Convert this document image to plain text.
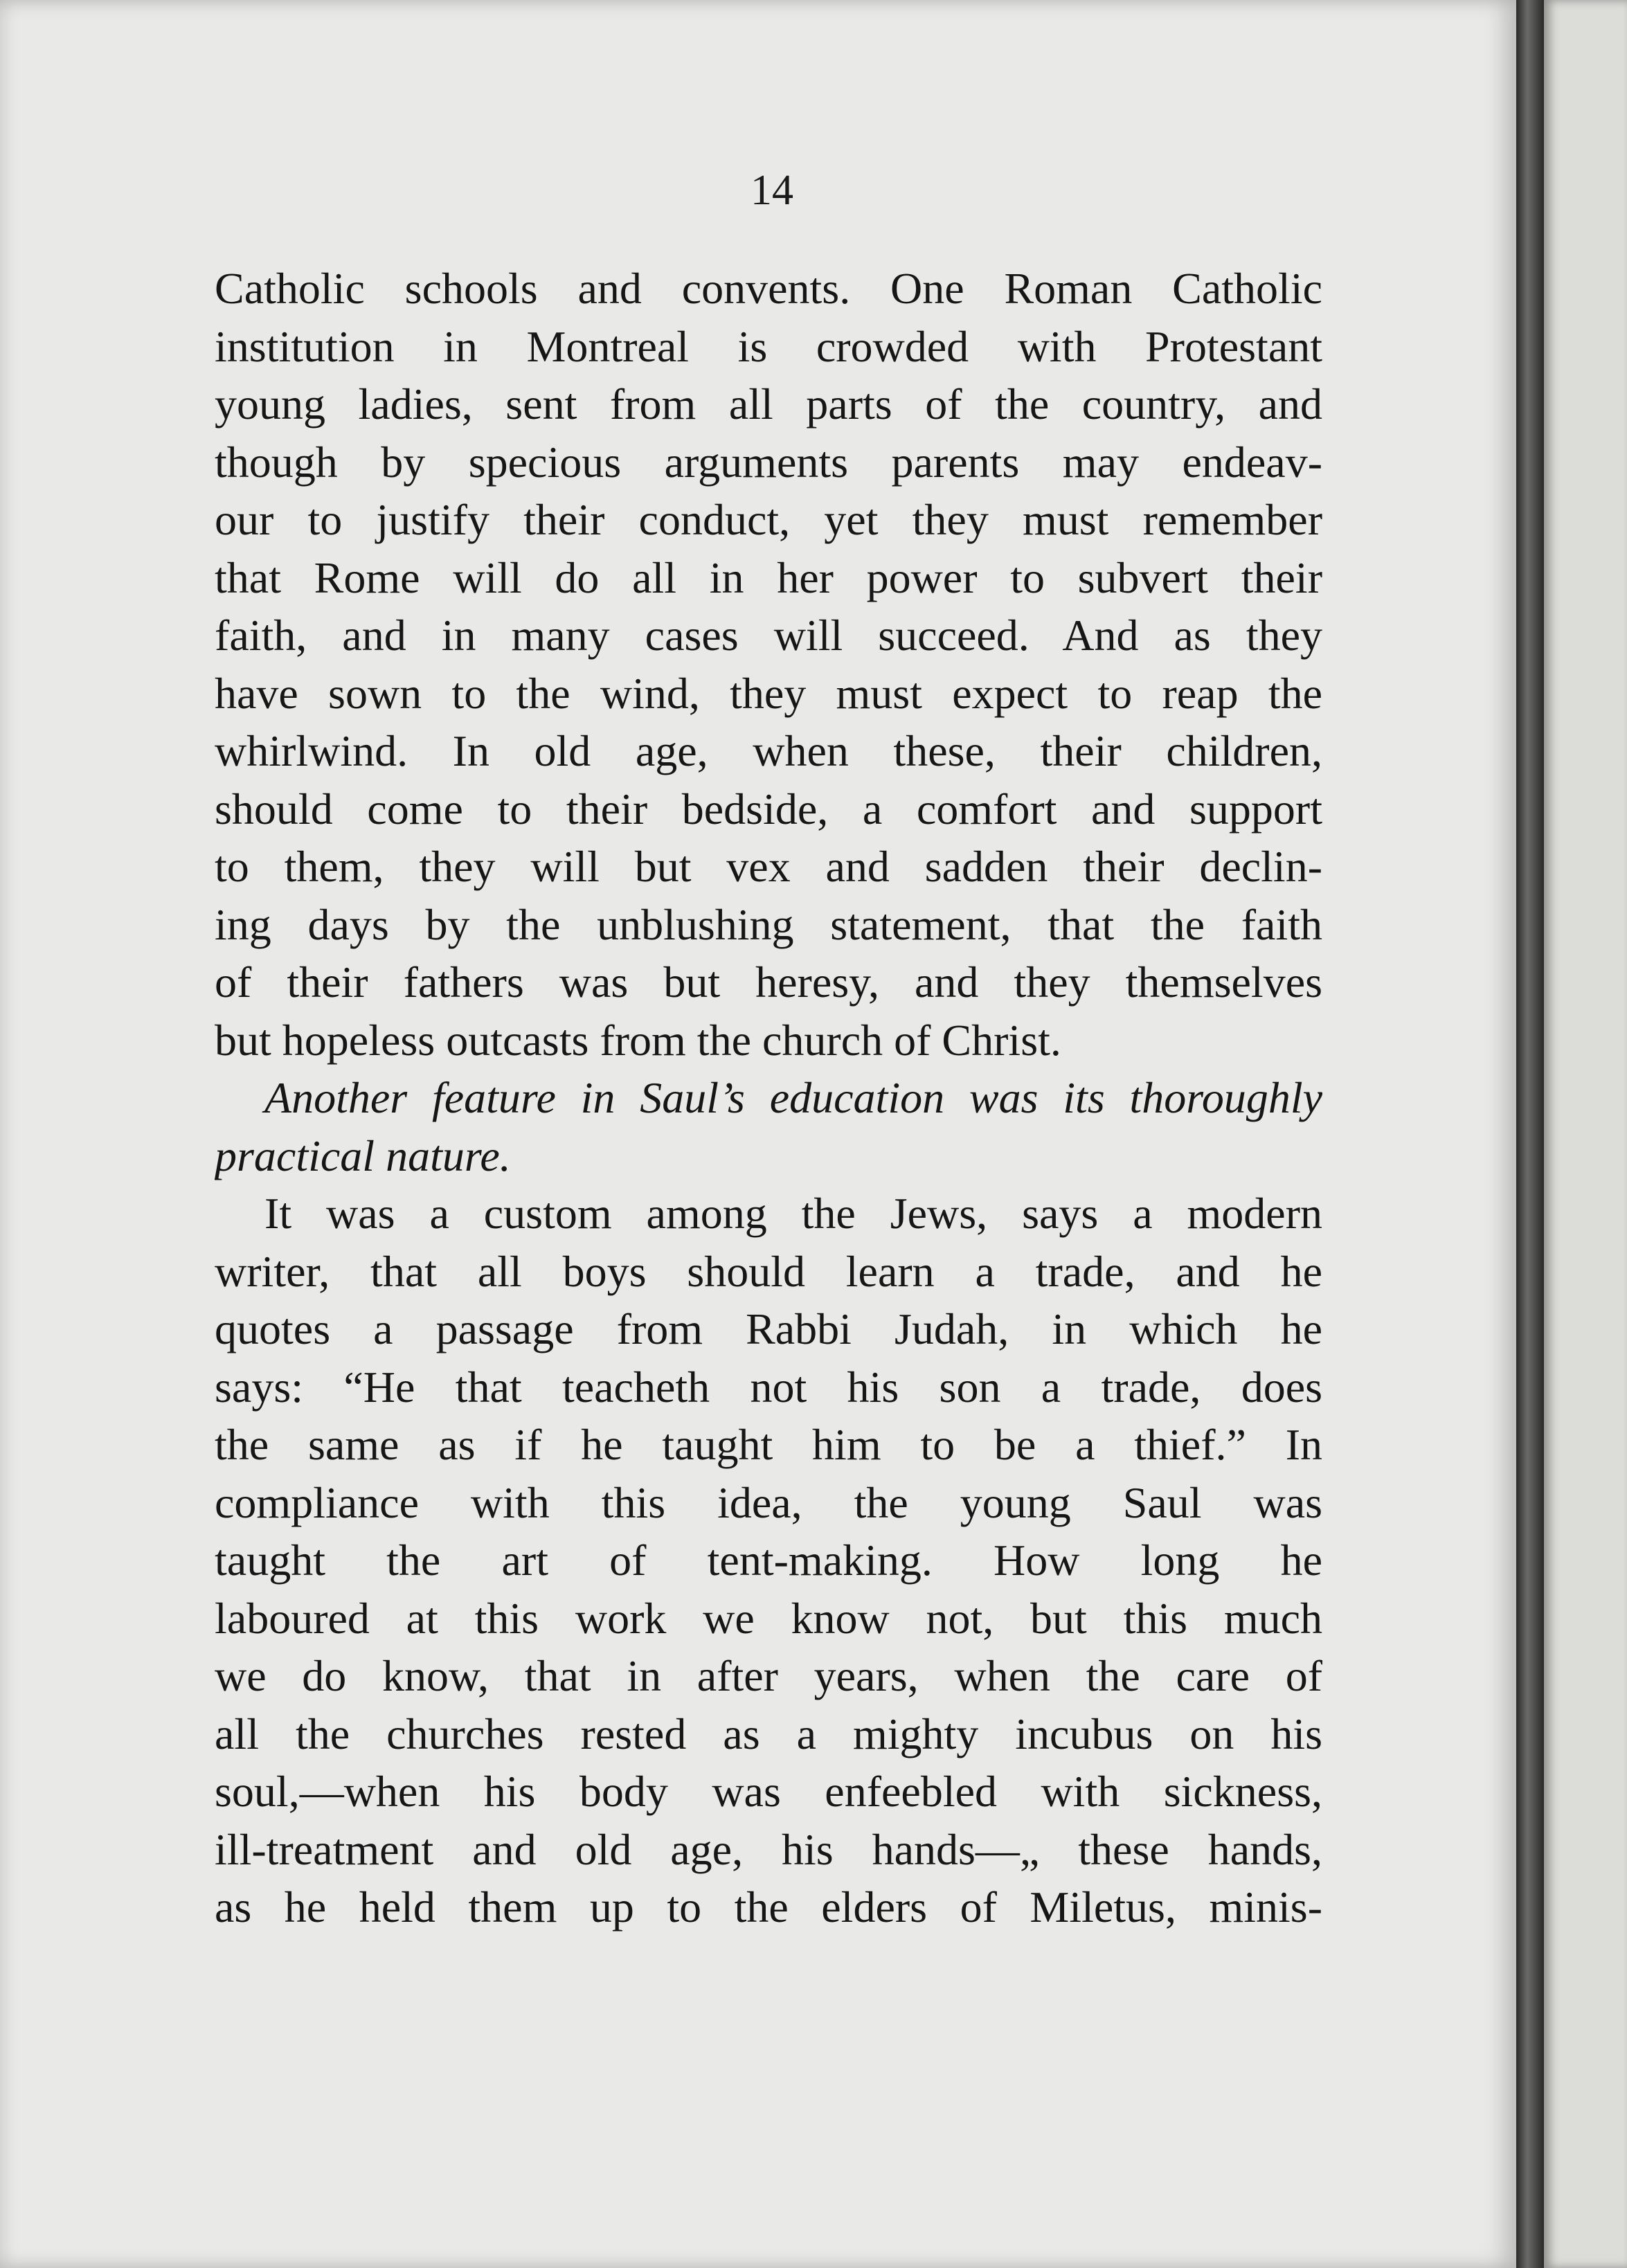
14
Catholic schools and convents. One Roman Catholic
institution in Montreal is crowded with Protestant
young ladies, sent from all parts of the country, and
though by specious arguments parents may endeav-
our to justify their conduct, yet they must remember
that Rome will do all in her power to subvert their
faith, and in many cases will succeed. And as they
have sown to the wind, they must expect to reap the
whirlwind. In old age, when these, their children,
should come to their bedside, a comfort and support
to them, they will but vex and sadden their declin-
ing days by the unblushing statement, that the faith
of their fathers was but heresy, and they themselves
but hopeless outcasts from the church of Christ.
Another feature in Saul’s education was its thoroughly
practical nature.
It was a custom among the Jews, says a modern
writer, that all boys should learn a trade, and he
quotes a passage from Rabbi Judah, in which he
says: “He that teacheth not his son a trade, does
the same as if he taught him to be a thief.” In
compliance with this idea, the young Saul was
taught the art of tent-making. How long he
laboured at this work we know not, but this much
we do know, that in after years, when the care of
all the churches rested as a mighty incubus on his
soul,—when his body was enfeebled with sickness,
ill-treatment and old age, his hands—„ these hands,
as he held them up to the elders of Miletus, minis-
